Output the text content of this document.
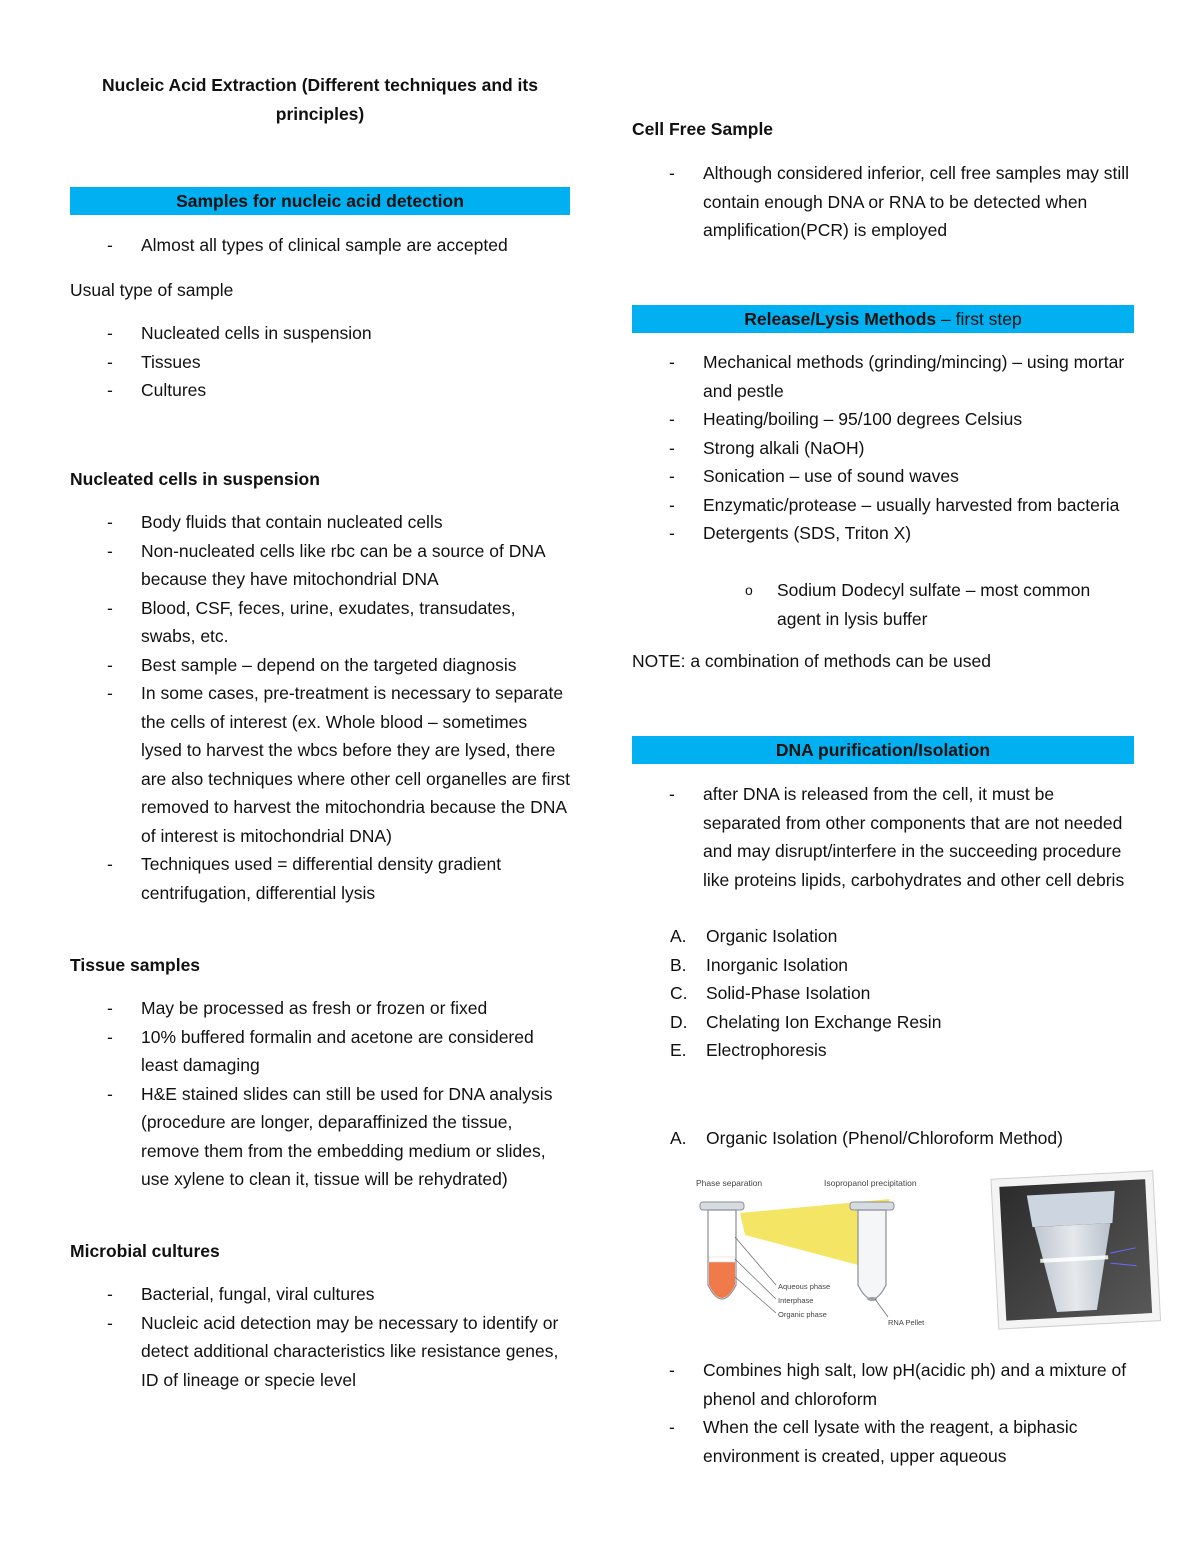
Nucleic Acid Extraction (Different techniques and its principles)
Samples for nucleic acid detection
- Almost all types of clinical sample are accepted
Usual type of sample
- Nucleated cells in suspension
- Tissues
- Cultures
Nucleated cells in suspension
- Body fluids that contain nucleated cells
- Non-nucleated cells like rbc can be a source of DNA because they have mitochondrial DNA
- Blood, CSF, feces, urine, exudates, transudates, swabs, etc.
- Best sample – depend on the targeted diagnosis
- In some cases, pre-treatment is necessary to separate the cells of interest (ex. Whole blood – sometimes lysed to harvest the wbcs before they are lysed, there are also techniques where other cell organelles are first removed to harvest the mitochondria because the DNA of interest is mitochondrial DNA)
- Techniques used = differential density gradient centrifugation, differential lysis
Tissue samples
- May be processed as fresh or frozen or fixed
- 10% buffered formalin and acetone are considered least damaging
- H&E stained slides can still be used for DNA analysis (procedure are longer, deparaffinized the tissue, remove them from the embedding medium or slides, use xylene to clean it, tissue will be rehydrated)
Microbial cultures
- Bacterial, fungal, viral cultures
- Nucleic acid detection may be necessary to identify or detect additional characteristics like resistance genes, ID of lineage or specie level
Cell Free Sample
- Although considered inferior, cell free samples may still contain enough DNA or RNA to be detected when amplification(PCR) is employed
Release/Lysis Methods – first step
- Mechanical methods (grinding/mincing) – using mortar and pestle
- Heating/boiling – 95/100 degrees Celsius
- Strong alkali (NaOH)
- Sonication – use of sound waves
- Enzymatic/protease – usually harvested from bacteria
- Detergents (SDS, Triton X)
o Sodium Dodecyl sulfate – most common agent in lysis buffer
NOTE: a combination of methods can be used
DNA purification/Isolation
- after DNA is released from the cell, it must be separated from other components that are not needed and may disrupt/interfere in the succeeding procedure like proteins lipids, carbohydrates and other cell debris
A. Organic Isolation
B. Inorganic Isolation
C. Solid-Phase Isolation
D. Chelating Ion Exchange Resin
E. Electrophoresis
A. Organic Isolation (Phenol/Chloroform Method)
- Combines high salt, low pH(acidic ph) and a mixture of phenol and chloroform
- When the cell lysate with the reagent, a biphasic environment is created, upper aqueous
Phase separation	Isopropanol precipitation
Aqueous phase
Interphase
Organic phase
RNA Pellet
